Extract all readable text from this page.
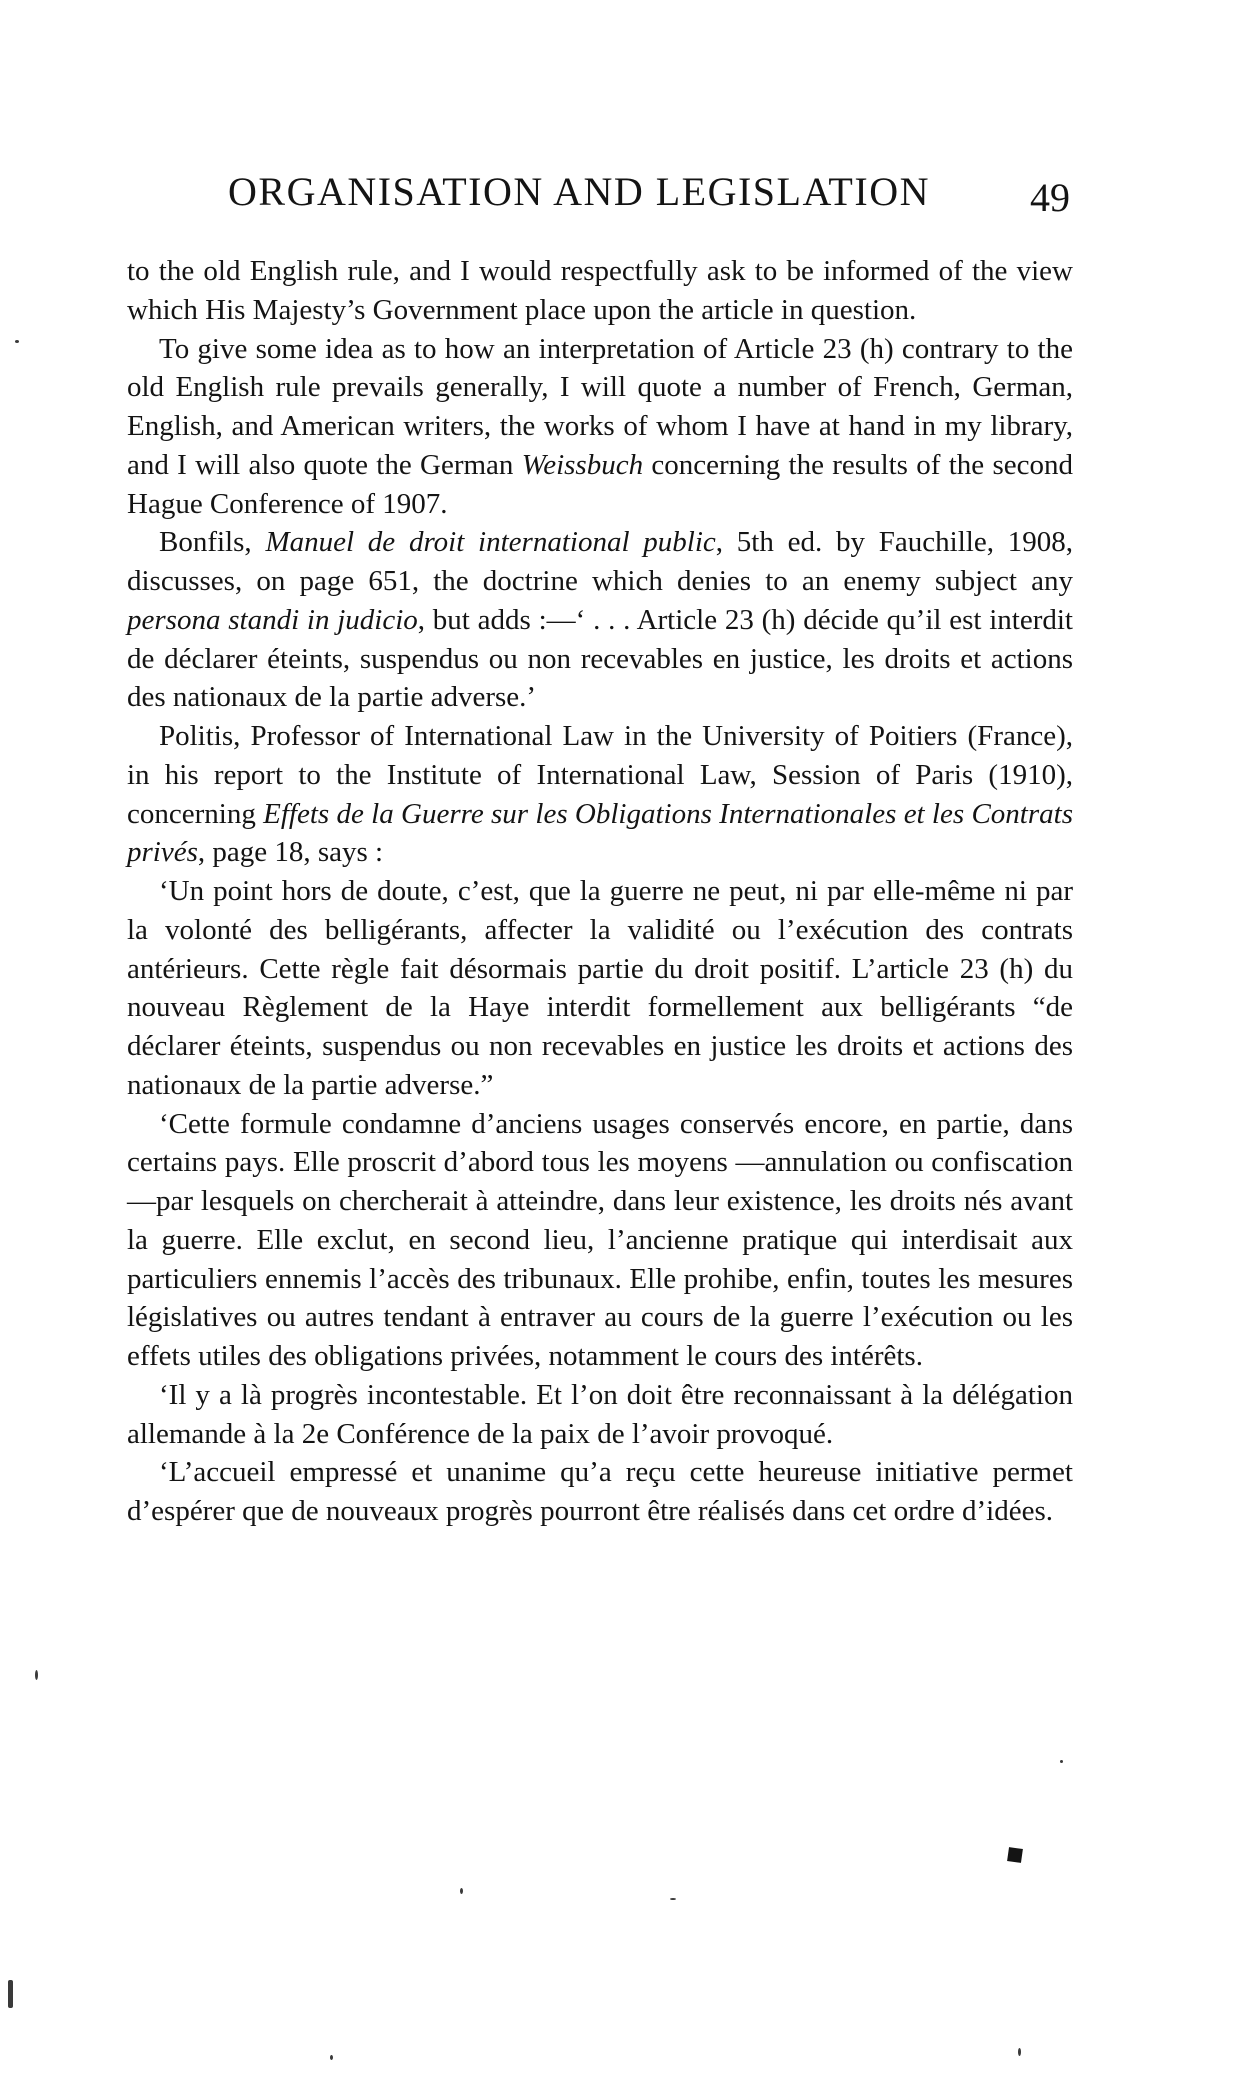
ORGANISATION AND LEGISLATION	49

to the old English rule, and I would respectfully ask to be informed of the view which His Majesty’s Government place upon the article in question.

To give some idea as to how an interpretation of Article 23 (h) contrary to the old English rule prevails generally, I will quote a number of French, German, English, and American writers, the works of whom I have at hand in my library, and I will also quote the German Weissbuch concerning the results of the second Hague Conference of 1907.

Bonfils, Manuel de droit international public, 5th ed. by Fauchille, 1908, discusses, on page 651, the doctrine which denies to an enemy subject any persona standi in judicio, but adds :—‘ . . . Article 23 (h) décide qu’il est interdit de déclarer éteints, suspendus ou non recevables en justice, les droits et actions des nationaux de la partie adverse.’

Politis, Professor of International Law in the University of Poitiers (France), in his report to the Institute of International Law, Session of Paris (1910), concerning Effets de la Guerre sur les Obligations Internationales et les Contrats privés, page 18, says :

‘Un point hors de doute, c’est, que la guerre ne peut, ni par elle-même ni par la volonté des belligérants, affecter la validité ou l’exécution des contrats antérieurs. Cette règle fait désormais partie du droit positif. L’article 23 (h) du nouveau Règlement de la Haye interdit formellement aux belligérants “de déclarer éteints, suspendus ou non recevables en justice les droits et actions des nationaux de la partie adverse.”

‘Cette formule condamne d’anciens usages conservés encore, en partie, dans certains pays. Elle proscrit d’abord tous les moyens —annulation ou confiscation—par lesquels on chercherait à atteindre, dans leur existence, les droits nés avant la guerre. Elle exclut, en second lieu, l’ancienne pratique qui interdisait aux particuliers ennemis l’accès des tribunaux. Elle prohibe, enfin, toutes les mesures législatives ou autres tendant à entraver au cours de la guerre l’exécution ou les effets utiles des obligations privées, notamment le cours des intérêts.

‘Il y a là progrès incontestable. Et l’on doit être reconnaissant à la délégation allemande à la 2e Conférence de la paix de l’avoir provoqué.

‘L’accueil empressé et unanime qu’a reçu cette heureuse initiative permet d’espérer que de nouveaux progrès pourront être réalisés dans cet ordre d’idées.
